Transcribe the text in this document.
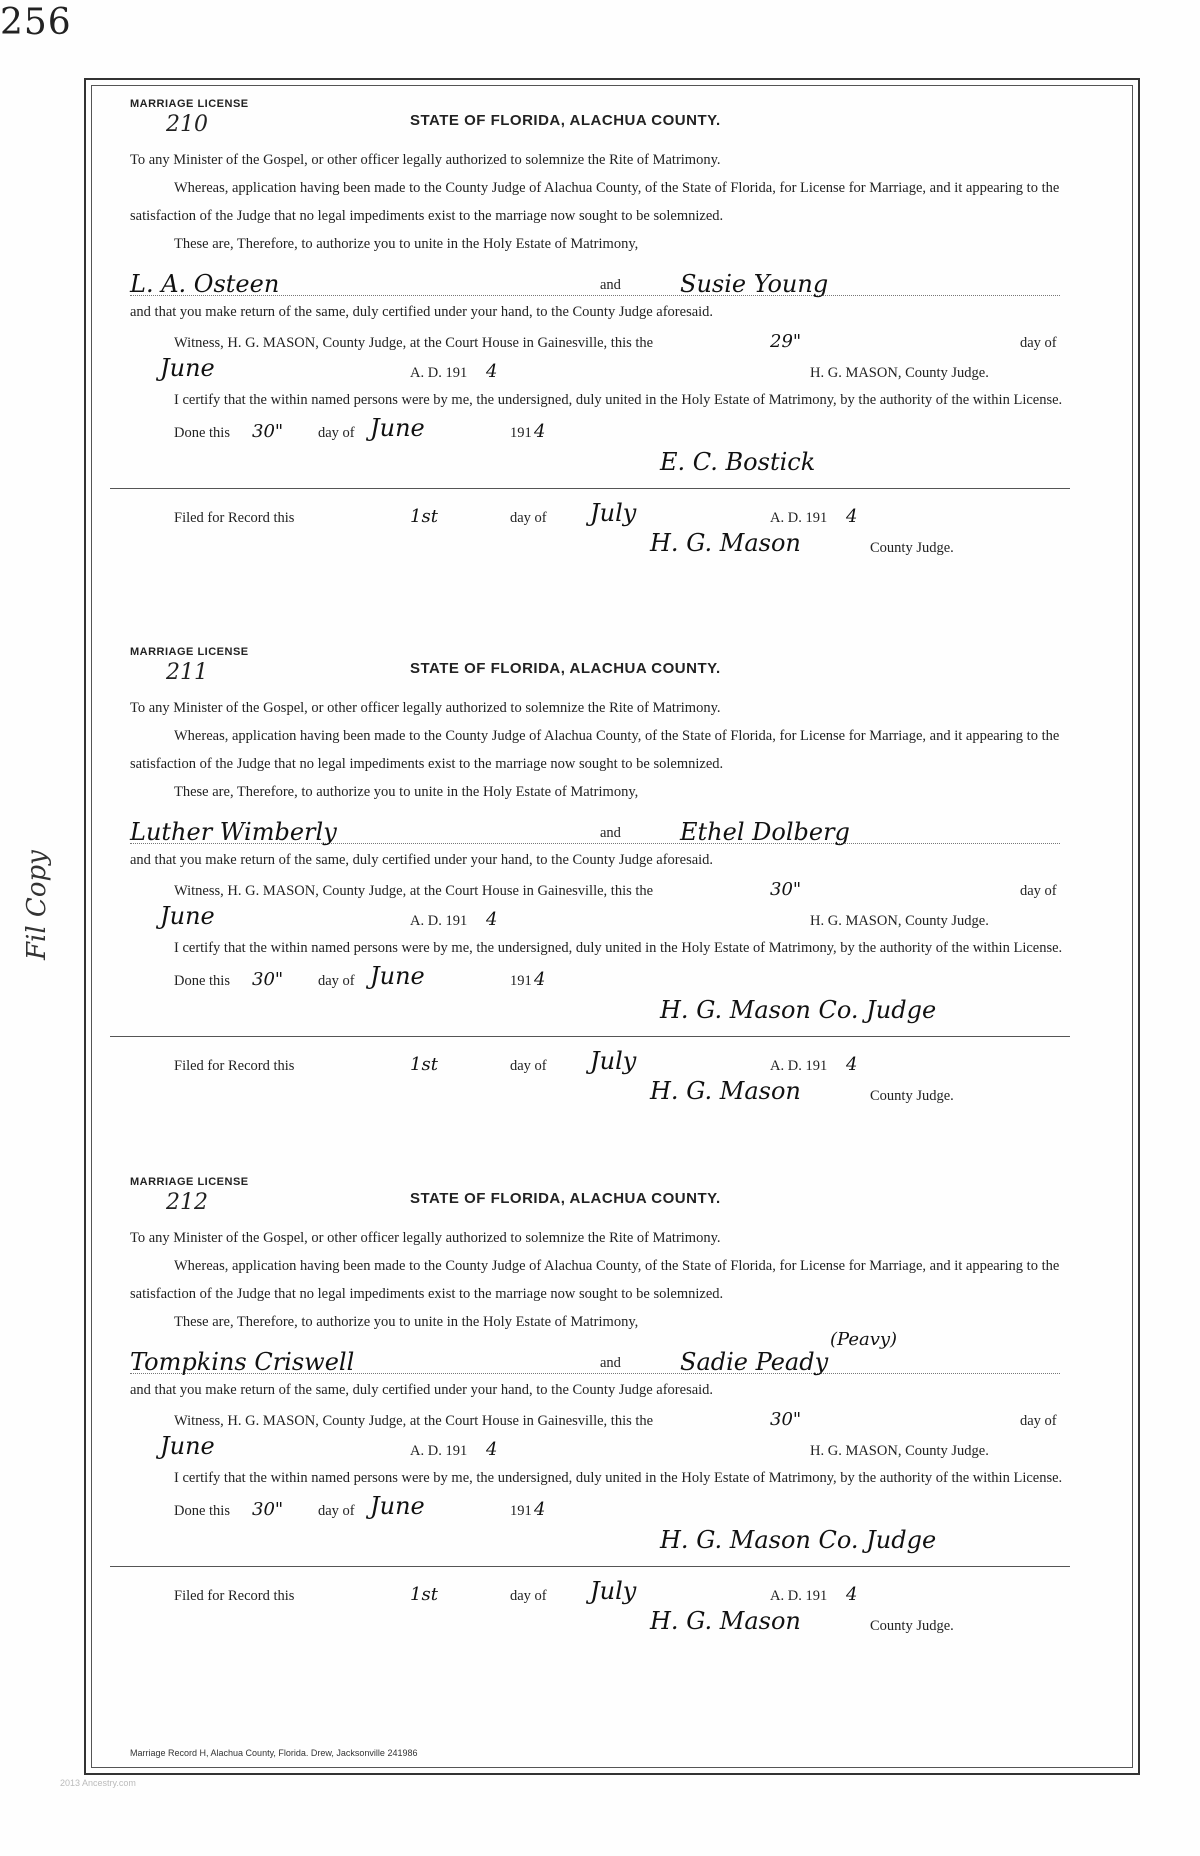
256
Fil Copy
MARRIAGE LICENSE
210	STATE OF FLORIDA, ALACHUA COUNTY.

To any Minister of the Gospel, or other officer legally authorized to solemnize the Rite of Matrimony.

Whereas, application having been made to the County Judge of Alachua County, of the State of Florida, for License for Marriage, and it appearing to the satisfaction of the Judge that no legal impediments exist to the marriage now sought to be solemnized.

These are, Therefore, to authorize you to unite in the Holy Estate of Matrimony,

L. A. Osteen	and Susie Young

and that you make return of the same, duly certified under your hand, to the County Judge aforesaid.

Witness, H. G. MASON, County Judge, at the Court House in Gainesville, this the	29"	day of
June	A. D. 191 4	H. G. MASON, County Judge.

I certify that the within named persons were by me, the undersigned, duly united in the Holy Estate of Matrimony, by the authority of the within License.

Done this 30" day of June	191 4
E. C. Bostick
Filed for Record this	1st	day of July	A. D. 191 4
H. G. Mason	County Judge.
MARRIAGE LICENSE
211	STATE OF FLORIDA, ALACHUA COUNTY.

To any Minister of the Gospel, or other officer legally authorized to solemnize the Rite of Matrimony.

Whereas, application having been made to the County Judge of Alachua County, of the State of Florida, for License for Marriage, and it appearing to the satisfaction of the Judge that no legal impediments exist to the marriage now sought to be solemnized.

These are, Therefore, to authorize you to unite in the Holy Estate of Matrimony,

Luther Wimberly	and Ethel Dolberg

and that you make return of the same, duly certified under your hand, to the County Judge aforesaid.

Witness, H. G. MASON, County Judge, at the Court House in Gainesville, this the	30"	day of
June	A. D. 191 4	H. G. MASON, County Judge.

I certify that the within named persons were by me, the undersigned, duly united in the Holy Estate of Matrimony, by the authority of the within License.

Done this 30" day of June	191 4
H. G. Mason Co. Judge
Filed for Record this	1st	day of July	A. D. 191 4
H. G. Mason	County Judge.
MARRIAGE LICENSE
212	STATE OF FLORIDA, ALACHUA COUNTY.

To any Minister of the Gospel, or other officer legally authorized to solemnize the Rite of Matrimony.

Whereas, application having been made to the County Judge of Alachua County, of the State of Florida, for License for Marriage, and it appearing to the satisfaction of the Judge that no legal impediments exist to the marriage now sought to be solemnized.

These are, Therefore, to authorize you to unite in the Holy Estate of Matrimony,

Tompkins Criswell	and Sadie Peady
(Peavy)

and that you make return of the same, duly certified under your hand, to the County Judge aforesaid.

Witness, H. G. MASON, County Judge, at the Court House in Gainesville, this the	30"	day of
June	A. D. 191 4	H. G. MASON, County Judge.

I certify that the within named persons were by me, the undersigned, duly united in the Holy Estate of Matrimony, by the authority of the within License.

Done this 30" day of June	191 4
H. G. Mason Co. Judge
Filed for Record this	1st	day of July	A. D. 191 4
H. G. Mason	County Judge.
Marriage Record H, Alachua County, Florida. Drew, Jacksonville 241986
2013 Ancestry.com
